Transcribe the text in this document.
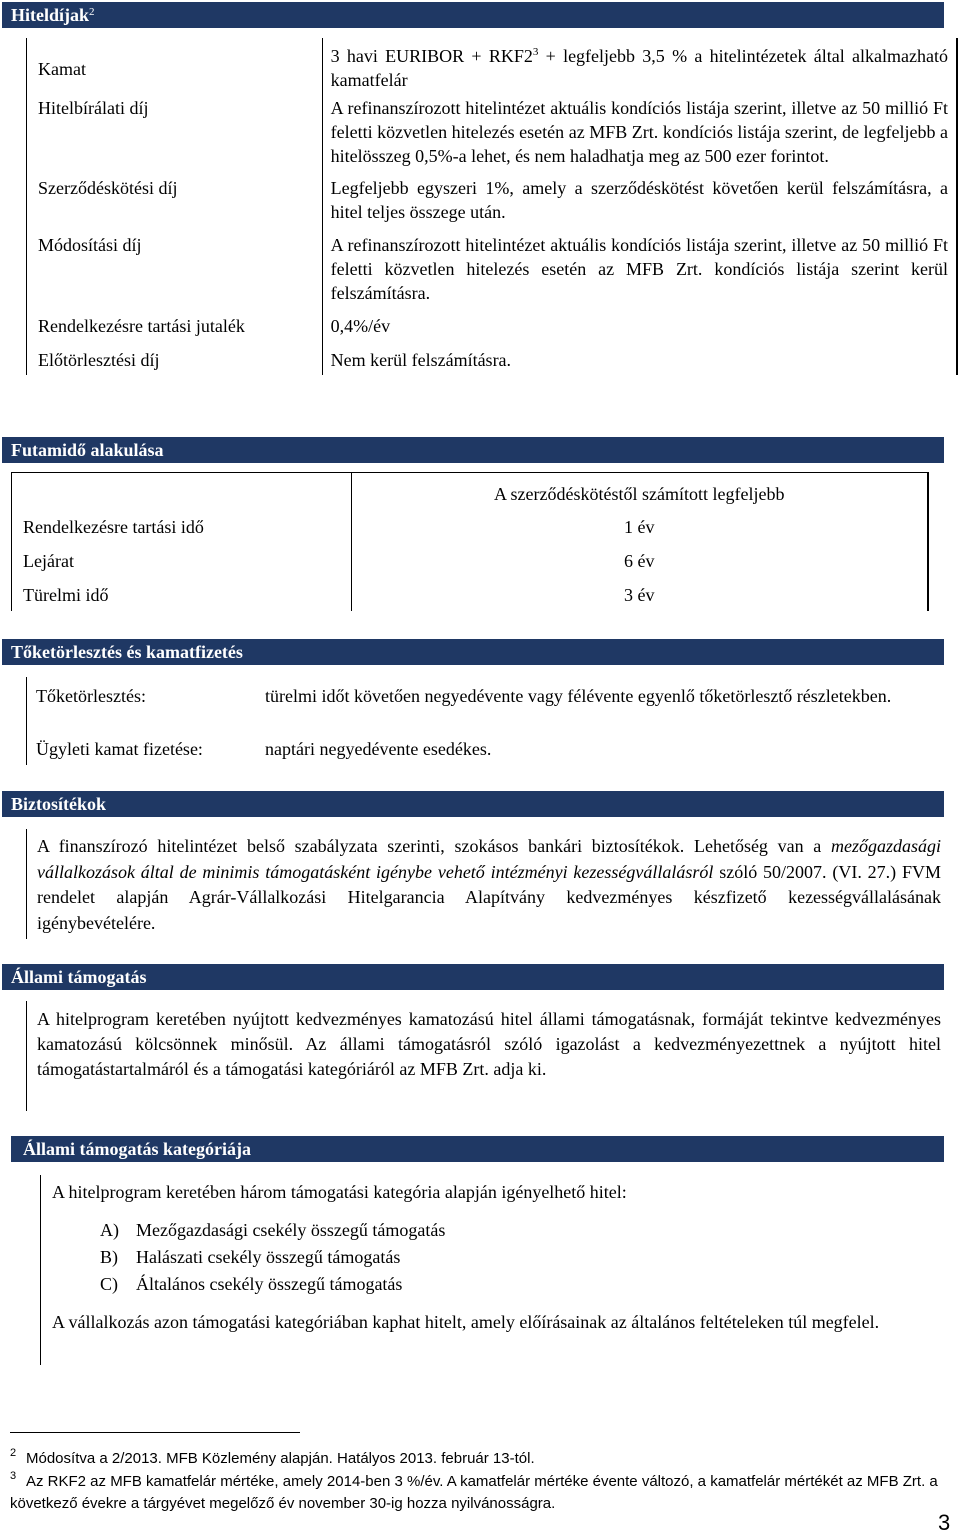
Hiteldíjak$^2$
Kamat	3 havi EURIBOR + $RKF2^3$ + legfeljebb 3,5 % a hitelintézetek által alkalmazható kamatfelár
Hitelbírálati díj	A refinanszírozott hitelintézet aktuális kondíciós listája szerint, illetve az 50 millió Ft feletti közvetlen hitelezés esetén az MFB Zrt. kondíciós listája szerint, de legfeljebb a hitelösszeg 0,5%-a lehet, és nem haladhatja meg az 500 ezer forintot.
Szerződéskötési díj	Legfeljebb egyszeri 1%, amely a szerződéskötést követően kerül felszámításra, a hitel teljes összege után.
Módosítási díj	A refinanszírozott hitelintézet aktuális kondíciós listája szerint, illetve az 50 millió Ft feletti közvetlen hitelezés esetén az MFB Zrt. kondíciós listája szerint kerül felszámításra.
Rendelkezésre tartási jutalék	0,4%/év
Előtörlesztési díj	Nem kerül felszámításra.
Futamidő alakulása
	A szerződéskötéstől számított legfeljebb
Rendelkezésre tartási idő	1 év
Lejárat	6 év
Türelmi idő	3 év
Tőketörlesztés és kamatfizetés
Tőketörlesztés:	türelmi időt követően negyedévente vagy félévente egyenlő tőketörlesztő részletekben.
Ügyleti kamat fizetése:	naptári negyedévente esedékes.
Biztosítékok
A finanszírozó hitelintézet belső szabályzata szerinti, szokásos bankári biztosítékok. Lehetőség van a mezőgazdasági vállalkozások által de minimis támogatásként igénybe vehető intézményi kezességvállalásról szóló 50/2007. (VI. 27.) FVM rendelet alapján Agrár-Vállalkozási Hitelgarancia Alapítvány kedvezményes készfizető kezességvállalásának igénybevételére.
Állami támogatás
A hitelprogram keretében nyújtott kedvezményes kamatozású hitel állami támogatásnak, formáját tekintve kedvezményes kamatozású kölcsönnek minősül. Az állami támogatásról szóló igazolást a kedvezményezettnek a nyújtott hitel támogatástartalmáról és a támogatási kategóriáról az MFB Zrt. adja ki.
Állami támogatás kategóriája
A hitelprogram keretében három támogatási kategória alapján igényelhető hitel:
A) Mezőgazdasági csekély összegű támogatás
B) Halászati csekély összegű támogatás
C) Általános csekély összegű támogatás
A vállalkozás azon támogatási kategóriában kaphat hitelt, amely előírásainak az általános feltételeken túl megfelel.
$^2$ Módosítva a 2/2013. MFB Közlemény alapján. Hatályos 2013. február 13-tól.
$^3$ Az RKF2 az MFB kamatfelár mértéke, amely 2014-ben 3 %/év. A kamatfelár mértéke évente változó, a kamatfelár mértékét az MFB Zrt. a következő évekre a tárgyévet megelőző év november 30-ig hozza nyilvánosságra.
3
